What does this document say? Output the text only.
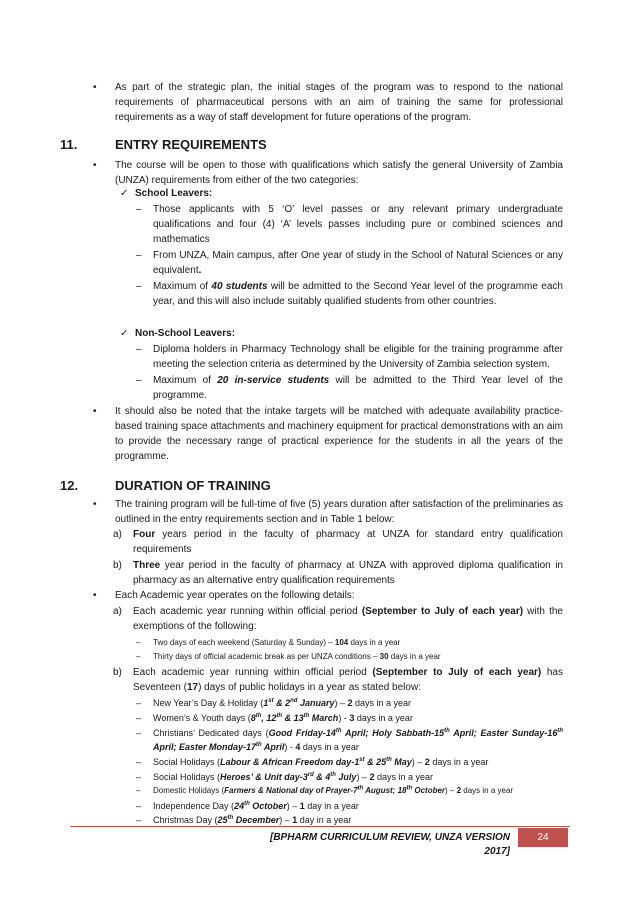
• As part of the strategic plan, the initial stages of the program was to respond to the national requirements of pharmaceutical persons with an aim of training the same for professional requirements as a way of staff development for future operations of the program.
11.	ENTRY REQUIREMENTS
• The course will be open to those with qualifications which satisfy the general University of Zambia (UNZA) requirements from either of the two categories:
✓ School Leavers:
– Those applicants with 5 ‘O’ level passes or any relevant primary undergraduate qualifications and four (4) ‘A’ levels passes including pure or combined sciences and mathematics
– From UNZA, Main campus, after One year of study in the School of Natural Sciences or any equivalent.
– Maximum of 40 students will be admitted to the Second Year level of the programme each year, and this will also include suitably qualified students from other countries.
✓ Non-School Leavers:
– Diploma holders in Pharmacy Technology shall be eligible for the training programme after meeting the selection criteria as determined by the University of Zambia selection system.
– Maximum of 20 in-service students will be admitted to the Third Year level of the programme.
• It should also be noted that the intake targets will be matched with adequate availability practice-based training space attachments and machinery equipment for practical demonstrations with an aim to provide the necessary range of practical experience for the students in all the years of the programme.
12.	DURATION OF TRAINING
• The training program will be full-time of five (5) years duration after satisfaction of the preliminaries as outlined in the entry requirements section and in Table 1 below:
a) Four years period in the faculty of pharmacy at UNZA for standard entry qualification requirements
b) Three year period in the faculty of pharmacy at UNZA with approved diploma qualification in pharmacy as an alternative entry qualification requirements
• Each Academic year operates on the following details:
a) Each academic year running within official period (September to July of each year) with the exemptions of the following:
– Two days of each weekend (Saturday & Sunday) – 104 days in a year
– Thirty days of official academic break as per UNZA conditions – 30 days in a year
b) Each academic year running within official period (September to July of each year) has Seventeen (17) days of public holidays in a year as stated below:
– New Year’s Day & Holiday (1st & 2nd January) – 2 days in a year
– Women’s & Youth days (8th, 12th & 13th March) - 3 days in a year
– Christians’ Dedicated days (Good Friday-14th April; Holy Sabbath-15th April; Easter Sunday-16th April; Easter Monday-17th April) - 4 days in a year
– Social Holidays (Labour & African Freedom day-1st & 25th May) – 2 days in a year
– Social Holidays (Heroes’ & Unit day-3rd & 4th July) – 2 days in a year
– Domestic Holidays (Farmers & National day of Prayer-7th August; 18th October) – 2 days in a year
– Independence Day (24th October) – 1 day in a year
– Christmas Day (25th December) – 1 day in a year
[BPHARM CURRICULUM REVIEW, UNZA VERSION 2017]
24
